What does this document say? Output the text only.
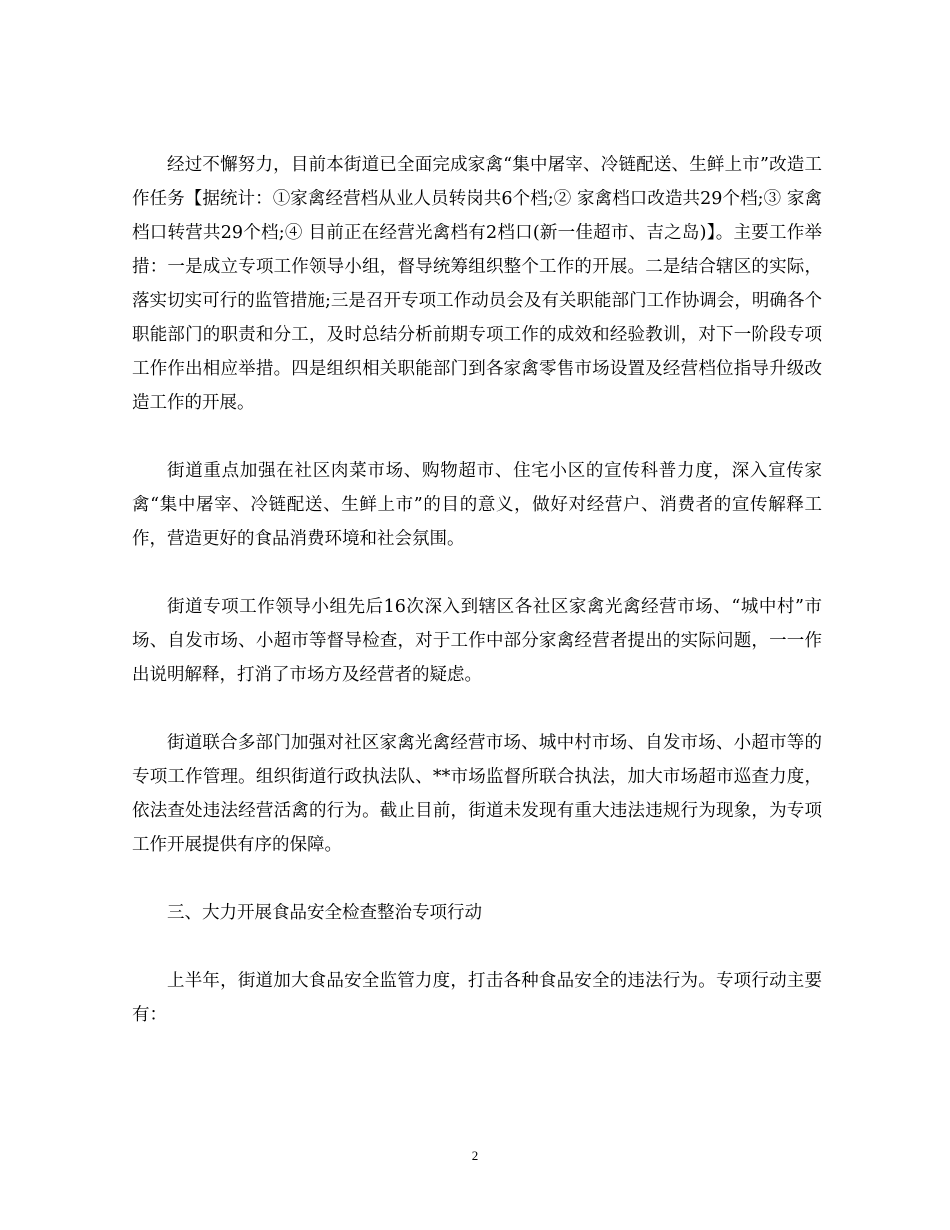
经过不懈努力，目前本街道已全面完成家禽“集中屠宰、冷链配送、生鲜上市”改造工作任务【据统计：①家禽经营档从业人员转岗共6个档;② 家禽档口改造共29个档;③ 家禽档口转营共29个档;④ 目前正在经营光禽档有2档口(新一佳超市、吉之岛)】。主要工作举措：一是成立专项工作领导小组，督导统筹组织整个工作的开展。二是结合辖区的实际，落实切实可行的监管措施;三是召开专项工作动员会及有关职能部门工作协调会，明确各个职能部门的职责和分工，及时总结分析前期专项工作的成效和经验教训，对下一阶段专项工作作出相应举措。四是组织相关职能部门到各家禽零售市场设置及经营档位指导升级改造工作的开展。

街道重点加强在社区肉菜市场、购物超市、住宅小区的宣传科普力度，深入宣传家禽“集中屠宰、冷链配送、生鲜上市”的目的意义，做好对经营户、消费者的宣传解释工作，营造更好的食品消费环境和社会氛围。

街道专项工作领导小组先后16次深入到辖区各社区家禽光禽经营市场、“城中村”市场、自发市场、小超市等督导检查，对于工作中部分家禽经营者提出的实际问题，一一作出说明解释，打消了市场方及经营者的疑虑。

街道联合多部门加强对社区家禽光禽经营市场、城中村市场、自发市场、小超市等的专项工作管理。组织街道行政执法队、**市场监督所联合执法，加大市场超市巡查力度，依法查处违法经营活禽的行为。截止目前，街道未发现有重大违法违规行为现象，为专项工作开展提供有序的保障。

三、大力开展食品安全检查整治专项行动

上半年，街道加大食品安全监管力度，打击各种食品安全的违法行为。专项行动主要有：

2
